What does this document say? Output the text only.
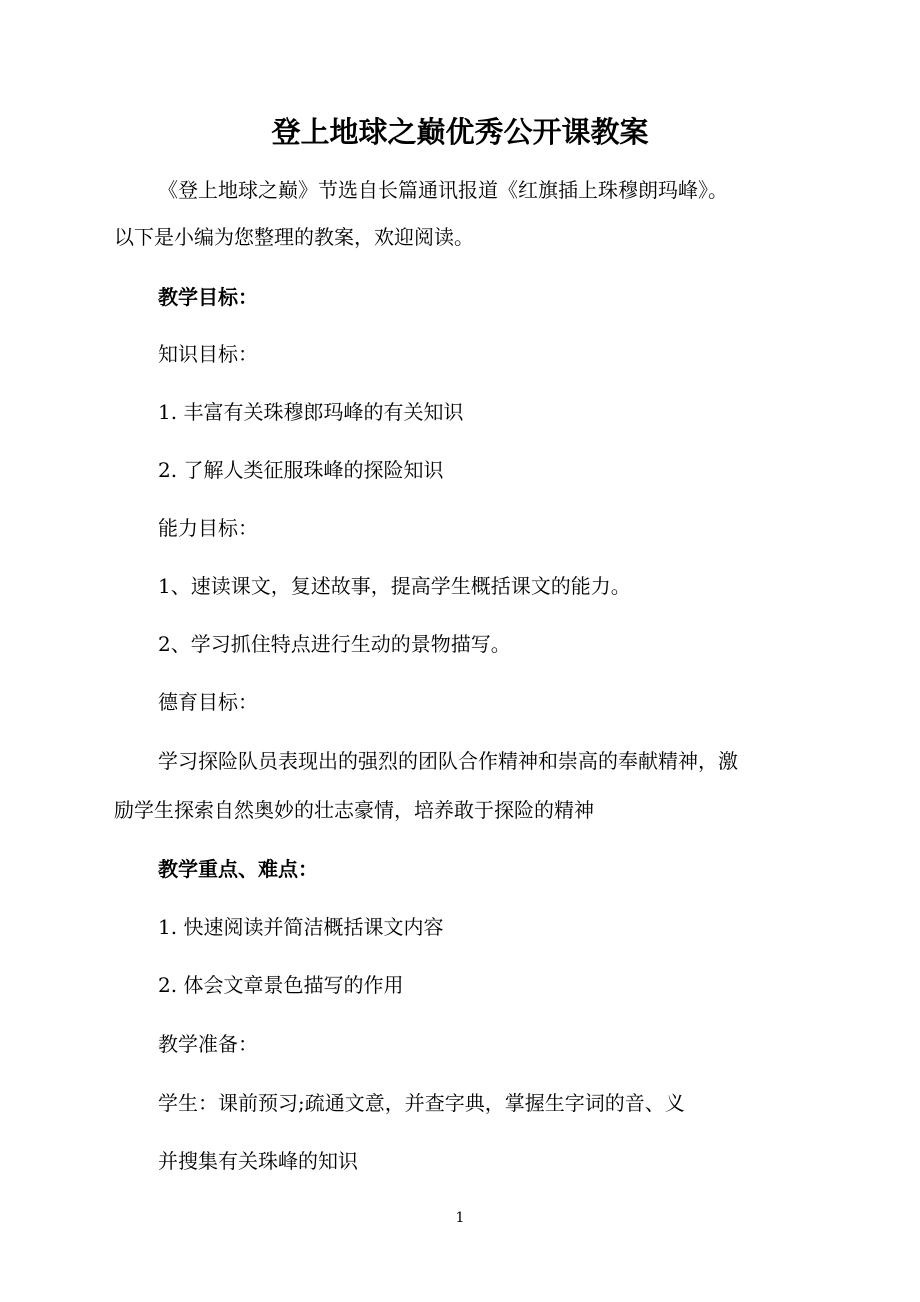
登上地球之巅优秀公开课教案

《登上地球之巅》节选自长篇通讯报道《红旗插上珠穆朗玛峰》。

以下是小编为您整理的教案，欢迎阅读。

教学目标：

知识目标：

1. 丰富有关珠穆郎玛峰的有关知识

2. 了解人类征服珠峰的探险知识

能力目标：

1、速读课文，复述故事，提高学生概括课文的能力。

2、学习抓住特点进行生动的景物描写。

德育目标：

学习探险队员表现出的强烈的团队合作精神和崇高的奉献精神，激

励学生探索自然奥妙的壮志豪情，培养敢于探险的精神

教学重点、难点：

1. 快速阅读并简洁概括课文内容

2. 体会文章景色描写的作用

教学准备：

学生：课前预习;疏通文意，并查字典，掌握生字词的音、义

并搜集有关珠峰的知识

1
